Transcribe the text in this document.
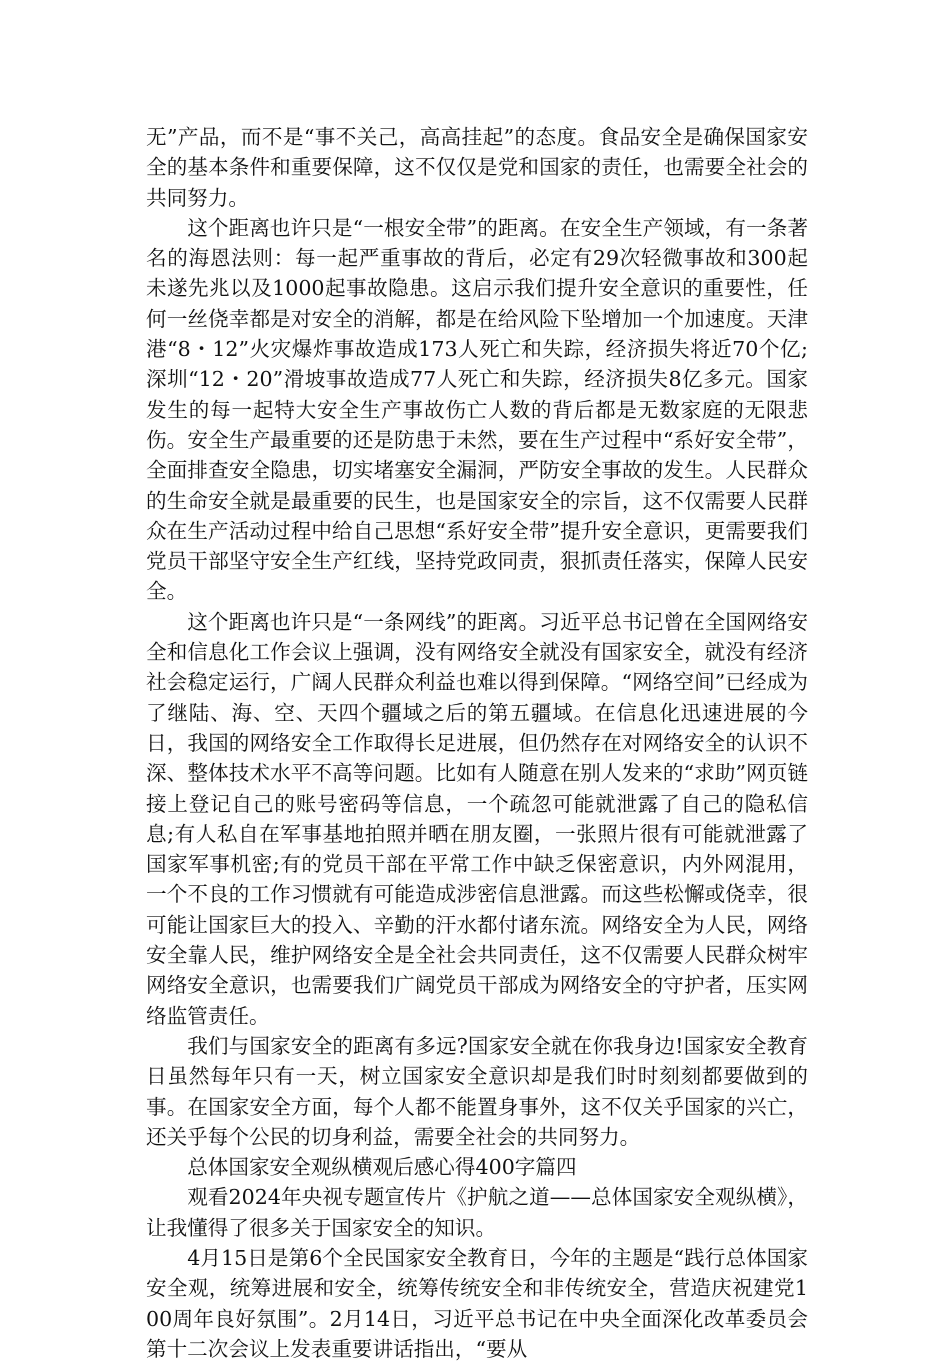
无”产品，而不是“事不关己，高高挂起”的态度。食品安全是确保国家安全的基本条件和重要保障，这不仅仅是党和国家的责任，也需要全社会的共同努力。

这个距离也许只是“一根安全带”的距离。在安全生产领域，有一条著名的海恩法则：每一起严重事故的背后，必定有29次轻微事故和300起未遂先兆以及1000起事故隐患。这启示我们提升安全意识的重要性，任何一丝侥幸都是对安全的消解，都是在给风险下坠增加一个加速度。天津港“8・12”火灾爆炸事故造成173人死亡和失踪，经济损失将近70个亿;深圳“12・20”滑坡事故造成77人死亡和失踪，经济损失8亿多元。国家发生的每一起特大安全生产事故伤亡人数的背后都是无数家庭的无限悲伤。安全生产最重要的还是防患于未然，要在生产过程中“系好安全带”，全面排查安全隐患，切实堵塞安全漏洞，严防安全事故的发生。人民群众的生命安全就是最重要的民生，也是国家安全的宗旨，这不仅需要人民群众在生产活动过程中给自己思想“系好安全带”提升安全意识，更需要我们党员干部坚守安全生产红线，坚持党政同责，狠抓责任落实，保障人民安全。

这个距离也许只是“一条网线”的距离。习近平总书记曾在全国网络安全和信息化工作会议上强调，没有网络安全就没有国家安全，就没有经济社会稳定运行，广阔人民群众利益也难以得到保障。“网络空间”已经成为了继陆、海、空、天四个疆域之后的第五疆域。在信息化迅速进展的今日，我国的网络安全工作取得长足进展，但仍然存在对网络安全的认识不深、整体技术水平不高等问题。比如有人随意在别人发来的“求助”网页链接上登记自己的账号密码等信息，一个疏忽可能就泄露了自己的隐私信息;有人私自在军事基地拍照并晒在朋友圈，一张照片很有可能就泄露了国家军事机密;有的党员干部在平常工作中缺乏保密意识，内外网混用，一个不良的工作习惯就有可能造成涉密信息泄露。而这些松懈或侥幸，很可能让国家巨大的投入、辛勤的汗水都付诸东流。网络安全为人民，网络安全靠人民，维护网络安全是全社会共同责任，这不仅需要人民群众树牢网络安全意识，也需要我们广阔党员干部成为网络安全的守护者，压实网络监管责任。

我们与国家安全的距离有多远?国家安全就在你我身边!国家安全教育日虽然每年只有一天，树立国家安全意识却是我们时时刻刻都要做到的事。在国家安全方面，每个人都不能置身事外，这不仅关乎国家的兴亡，还关乎每个公民的切身利益，需要全社会的共同努力。

总体国家安全观纵横观后感心得400字篇四

观看2024年央视专题宣传片《护航之道——总体国家安全观纵横》，让我懂得了很多关于国家安全的知识。

4月15日是第6个全民国家安全教育日，今年的主题是“践行总体国家安全观，统筹进展和安全，统筹传统安全和非传统安全，营造庆祝建党100周年良好氛围”。2月14日，习近平总书记在中央全面深化改革委员会第十二次会议上发表重要讲话指出，“要从
